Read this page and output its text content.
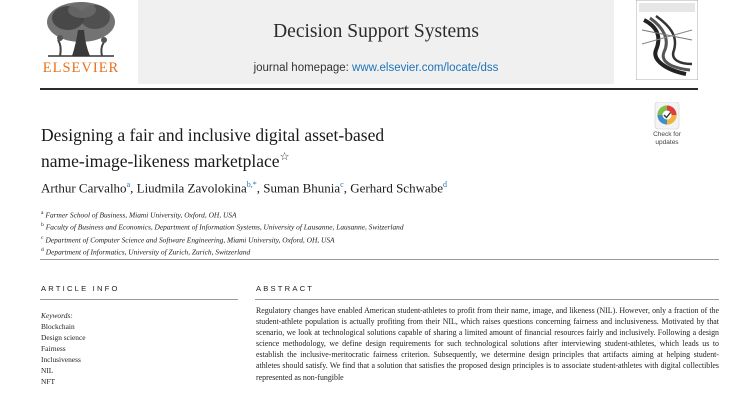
ELSEVIER
Decision Support Systems
journal homepage: www.elsevier.com/locate/dss
Designing a fair and inclusive digital asset-based
name-image-likeness marketplace☆
Check for
updates
Arthur Carvalho$^a$, Liudmila Zavolokina$^{b,*}$, Suman Bhunia$^c$, Gerhard Schwabe$^d$
$^a$ Farmer School of Business, Miami University, Oxford, OH, USA
$^b$ Faculty of Business and Economics, Department of Information Systems, University of Lausanne, Lausanne, Switzerland
$^c$ Department of Computer Science and Software Engineering, Miami University, Oxford, OH, USA
$^d$ Department of Informatics, University of Zurich, Zurich, Switzerland
ARTICLE INFO
Keywords:
Blockchain
Design science
Fairness
Inclusiveness
NIL
NFT
ABSTRACT
Regulatory changes have enabled American student-athletes to profit from their name, image, and likeness (NIL). However, only a fraction of the student-athlete population is actually profiting from their NIL, which raises questions concerning fairness and inclusiveness. Motivated by that scenario, we look at technological solutions capable of sharing a limited amount of financial resources fairly and inclusively. Following a design science methodology, we define design requirements for such technological solutions after interviewing student-athletes, which leads us to establish the inclusive-meritocratic fairness criterion. Subsequently, we determine design principles that artifacts aiming at helping student-athletes should satisfy. We find that a solution that satisfies the proposed design principles is to associate student-athletes with digital collectibles represented as non-fungible
